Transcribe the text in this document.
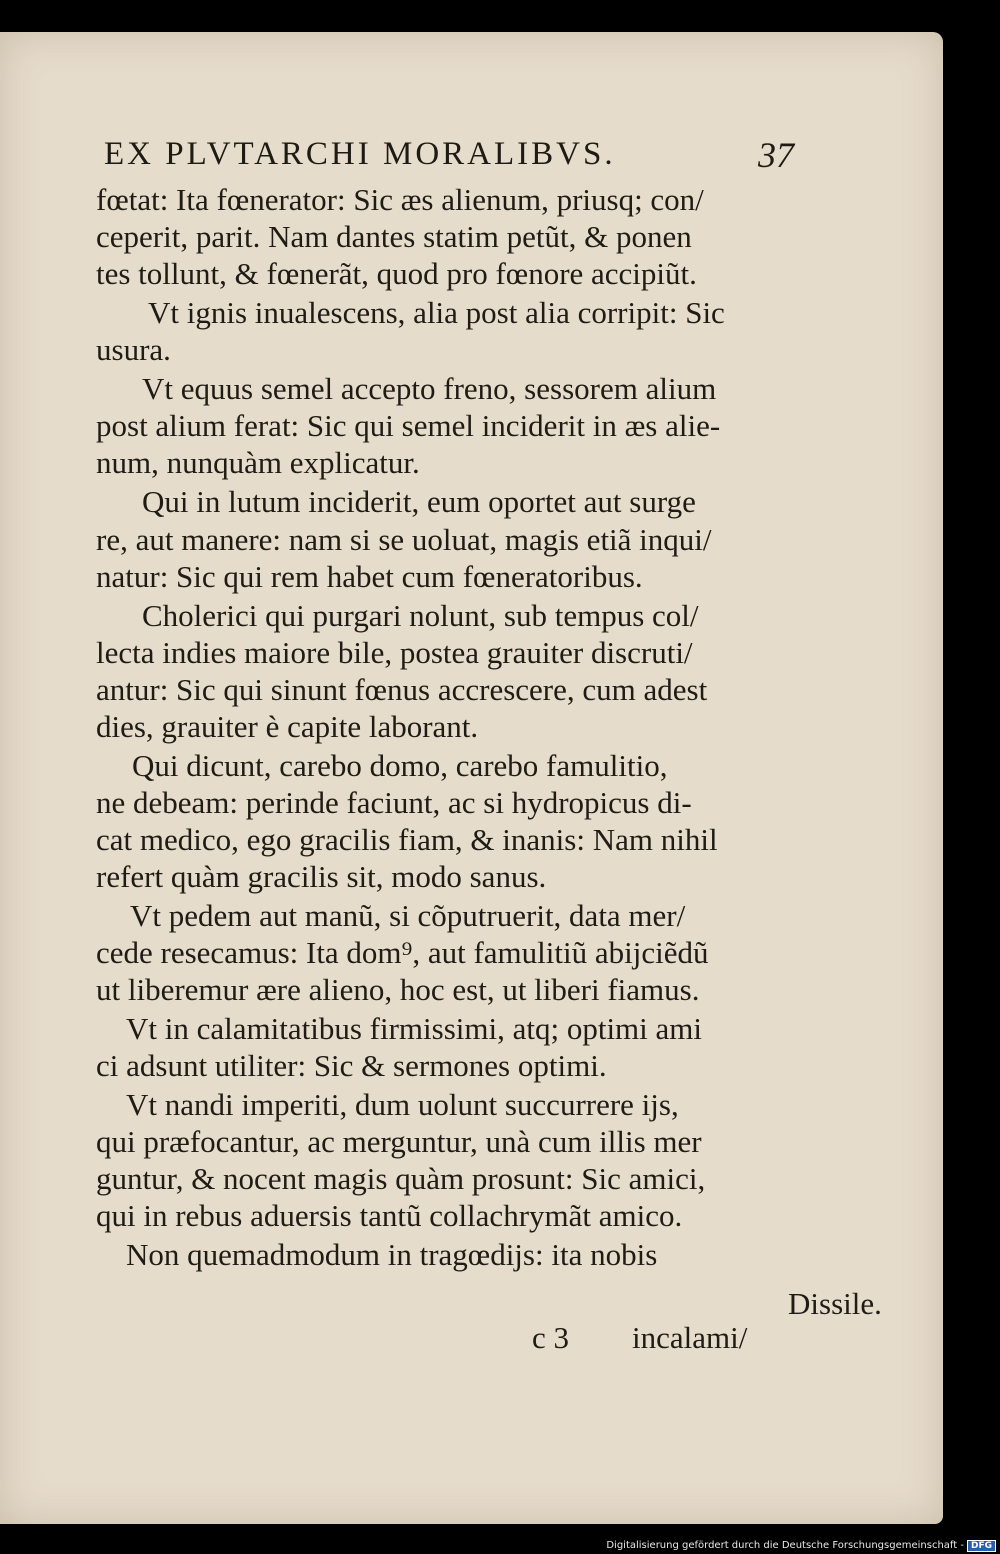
EX PLVTARCHI MORALIBVS.	37
fœtat: Ita fœnerator: Sic æs alienum, priusq; con/
ceperit, parit. Nam dantes statim petũt, & ponen
tes tollunt, & fœnerãt, quod pro fœnore accipiũt.
Vt ignis inualescens, alia post alia corripit: Sic
usura.
Vt equus semel accepto freno, sessorem alium
post alium ferat: Sic qui semel inciderit in æs alie-
num, nunquàm explicatur.
Qui in lutum inciderit, eum oportet aut surge
re, aut manere: nam si se uoluat, magis etiã inqui/
natur: Sic qui rem habet cum fœneratoribus.
Cholerici qui purgari nolunt, sub tempus col/
lecta indies maiore bile, postea grauiter discruti/
antur: Sic qui sinunt fœnus accrescere, cum adest
dies, grauiter è capite laborant.
Qui dicunt, carebo domo, carebo famulitio,
ne debeam: perinde faciunt, ac si hydropicus di-
cat medico, ego gracilis fiam, & inanis: Nam nihil
refert quàm gracilis sit, modo sanus.
Vt pedem aut manũ, si cõputruerit, data mer/
cede resecamus: Ita dom⁹, aut famulitiũ abijciẽdũ
ut liberemur ære alieno, hoc est, ut liberi fiamus.
Vt in calamitatibus firmissimi, atq; optimi ami
ci adsunt utiliter: Sic & sermones optimi.
Vt nandi imperiti, dum uolunt succurrere ijs,
qui præfocantur, ac merguntur, unà cum illis mer
guntur, & nocent magis quàm prosunt: Sic amici,
qui in rebus aduersis tantũ collachrymãt amico.
Non quemadmodum in tragœdijs: ita nobis
Dissile.
c 3 incalami/
Digitalisierung gefördert durch die Deutsche Forschungsgemeinschaft - DFG
